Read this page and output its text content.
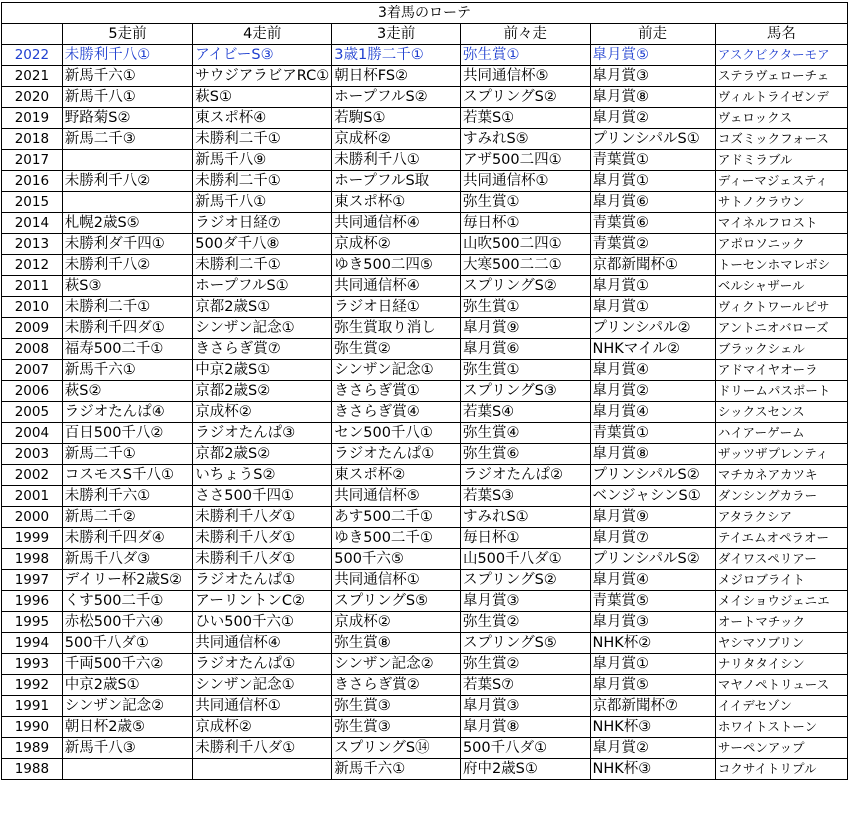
3着馬のローテ						
	5走前	4走前	3走前	前々走	前走	馬名
2022	未勝利千八①	アイビーS③	3歳1勝二千①	弥生賞①	皐月賞⑤	アスクビクターモア
2021	新馬千六①	サウジアラビアRC①	朝日杯FS②	共同通信杯⑤	皐月賞③	ステラヴェローチェ
2020	新馬千八①	萩S①	ホープフルS②	スプリングS②	皐月賞⑧	ヴィルトライゼンデ
2019	野路菊S②	東スポ杯④	若駒S①	若葉S①	皐月賞②	ヴェロックス
2018	新馬二千③	未勝利二千①	京成杯②	すみれS⑤	プリンシパルS①	コズミックフォース
2017		新馬千八⑨	未勝利千八①	アザ500二四①	青葉賞①	アドミラブル
2016	未勝利千八②	未勝利二千①	ホープフルS取	共同通信杯①	皐月賞①	ディーマジェスティ
2015		新馬千八①	東スポ杯①	弥生賞①	皐月賞⑥	サトノクラウン
2014	札幌2歳S⑤	ラジオ日経⑦	共同通信杯④	毎日杯①	青葉賞⑥	マイネルフロスト
2013	未勝利ダ千四①	500ダ千八⑧	京成杯②	山吹500二四①	青葉賞②	アポロソニック
2012	未勝利千八②	未勝利二千①	ゆき500二四⑤	大寒500二二①	京都新聞杯①	トーセンホマレボシ
2011	萩S③	ホープフルS①	共同通信杯④	スプリングS②	皐月賞①	ベルシャザール
2010	未勝利二千①	京都2歳S①	ラジオ日経①	弥生賞①	皐月賞①	ヴィクトワールピサ
2009	未勝利千四ダ①	シンザン記念①	弥生賞取り消し	皐月賞⑨	プリンシパル②	アントニオバローズ
2008	福寿500二千①	きさらぎ賞⑦	弥生賞②	皐月賞⑥	NHKマイル②	ブラックシェル
2007	新馬千六①	中京2歳S①	シンザン記念①	弥生賞①	皐月賞④	アドマイヤオーラ
2006	萩S②	京都2歳S②	きさらぎ賞①	スプリングS③	皐月賞②	ドリームパスポート
2005	ラジオたんぱ④	京成杯②	きさらぎ賞④	若葉S④	皐月賞④	シックスセンス
2004	百日500千八②	ラジオたんぱ③	セン500千八①	弥生賞④	青葉賞①	ハイアーゲーム
2003	新馬二千①	京都2歳S②	ラジオたんぱ①	弥生賞⑥	皐月賞⑧	ザッツザプレンティ
2002	コスモスS千八①	いちょうS②	東スポ杯②	ラジオたんぱ②	プリンシパルS②	マチカネアカツキ
2001	未勝利千六①	ささ500千四①	共同通信杯⑤	若葉S③	ベンジャシンS①	ダンシングカラー
2000	新馬二千②	未勝利千八ダ①	あす500二千①	すみれS①	皐月賞⑨	アタラクシア
1999	未勝利千四ダ④	未勝利千八ダ①	ゆき500二千①	毎日杯①	皐月賞⑦	テイエムオペラオー
1998	新馬千八ダ③	未勝利千八ダ①	500千六⑤	山500千八ダ①	プリンシパルS②	ダイワスペリアー
1997	デイリー杯2歳S②	ラジオたんぱ①	共同通信杯①	スプリングS②	皐月賞④	メジロブライト
1996	くす500二千①	アーリントンC②	スプリングS⑤	皐月賞③	青葉賞⑤	メイショウジェニエ
1995	赤松500千六④	ひい500千六①	京成杯②	弥生賞②	皐月賞③	オートマチック
1994	500千八ダ①	共同通信杯④	弥生賞⑧	スプリングS⑤	NHK杯②	ヤシマソブリン
1993	千両500千六②	ラジオたんぱ①	シンザン記念②	弥生賞②	皐月賞①	ナリタタイシン
1992	中京2歳S①	シンザン記念①	きさらぎ賞②	若葉S⑦	皐月賞⑤	マヤノペトリュース
1991	シンザン記念②	共同通信杯①	弥生賞③	皐月賞③	京都新聞杯⑦	イイデセゾン
1990	朝日杯2歳⑤	京成杯②	弥生賞③	皐月賞⑧	NHK杯③	ホワイトストーン
1989	新馬千八③	未勝利千八ダ①	スプリングS⑭	500千八ダ①	皐月賞②	サーペンアップ
1988			新馬千六①	府中2歳S①	NHK杯③	コクサイトリプル
